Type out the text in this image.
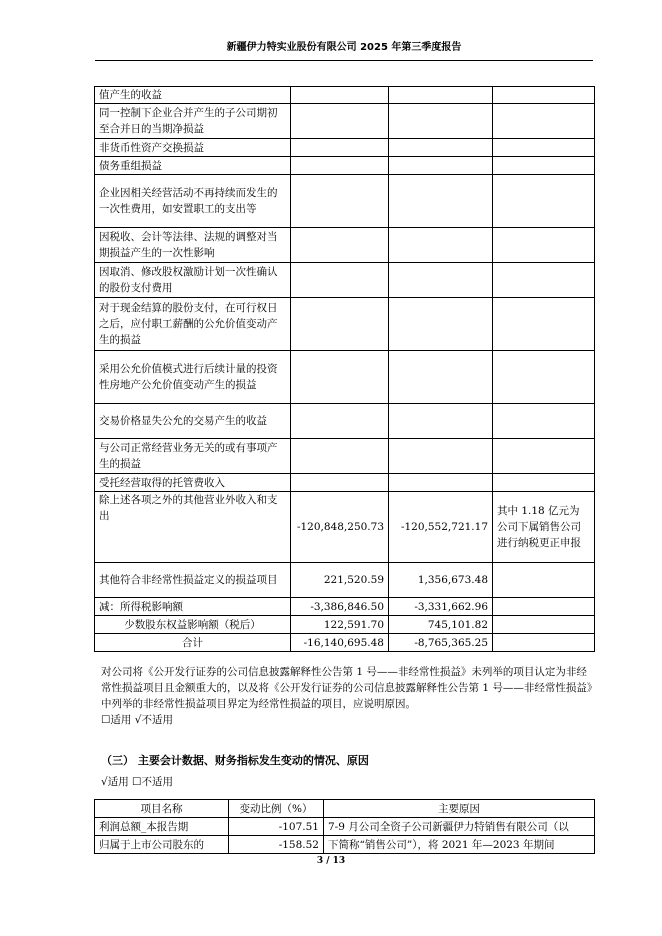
新疆伊力特实业股份有限公司 2025 年第三季度报告
值产生的收益			
同一控制下企业合并产生的子公司期初至合并日的当期净损益			
非货币性资产交换损益			
债务重组损益			
企业因相关经营活动不再持续而发生的一次性费用，如安置职工的支出等			
因税收、会计等法律、法规的调整对当期损益产生的一次性影响			
因取消、修改股权激励计划一次性确认的股份支付费用			
对于现金结算的股份支付，在可行权日之后，应付职工薪酬的公允价值变动产生的损益			
采用公允价值模式进行后续计量的投资性房地产公允价值变动产生的损益			
交易价格显失公允的交易产生的收益			
与公司正常经营业务无关的或有事项产生的损益			
受托经营取得的托管费收入			
除上述各项之外的其他营业外收入和支出	-120,848,250.73	-120,552,721.17	其中 1.18 亿元为公司下属销售公司进行纳税更正申报
其他符合非经常性损益定义的损益项目	221,520.59	1,356,673.48	
减：所得税影响额	-3,386,846.50	-3,331,662.96	
少数股东权益影响额（税后）	122,591.70	745,101.82	
合计	-16,140,695.48	-8,765,365.25	
对公司将《公开发行证券的公司信息披露解释性公告第 1 号——非经常性损益》未列举的项目认定为非经常性损益项目且金额重大的，以及将《公开发行证券的公司信息披露解释性公告第 1 号——非经常性损益》中列举的非经常性损益项目界定为经常性损益的项目，应说明原因。
☐适用 √不适用
（三） 主要会计数据、财务指标发生变动的情况、原因
√适用 ☐不适用
项目名称	变动比例（%）	主要原因
利润总额_本报告期	-107.51	7-9 月公司全资子公司新疆伊力特销售有限公司（以
归属于上市公司股东的	-158.52	下简称“销售公司”），将 2021 年—2023 年期间
3 / 13
